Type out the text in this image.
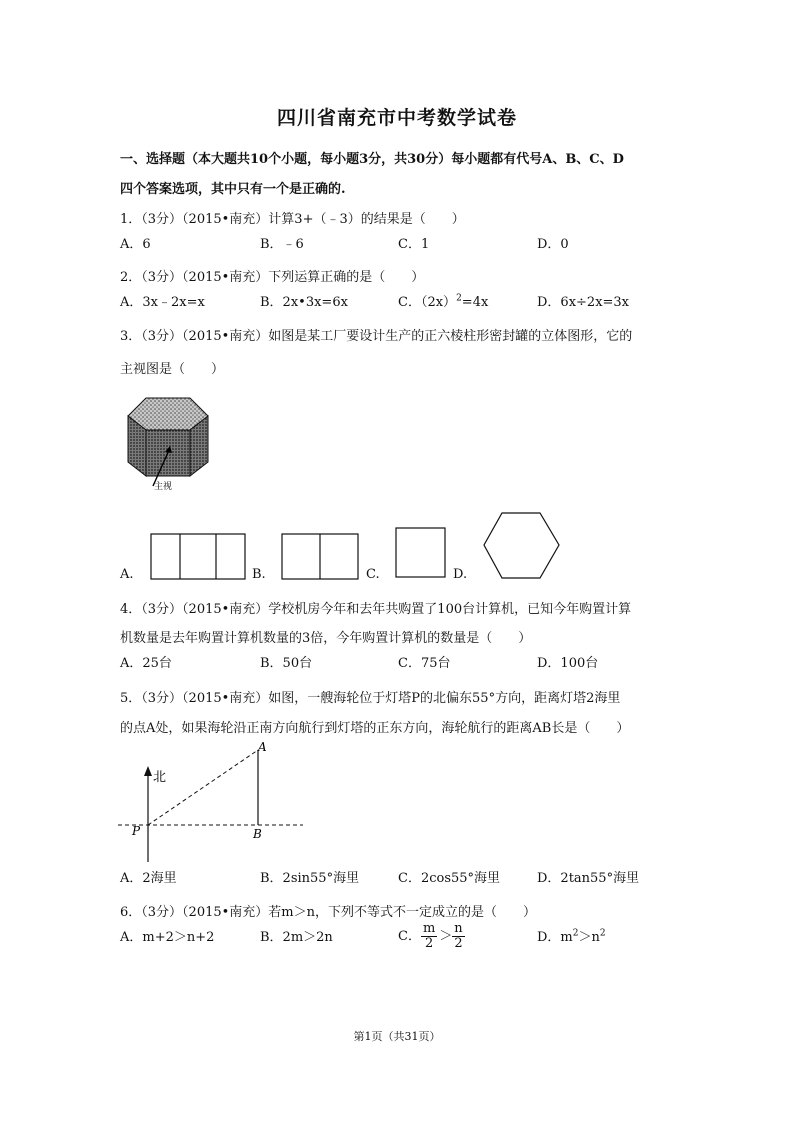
四川省南充市中考数学试卷
一、选择题（本大题共10个小题，每小题3分，共30分）每小题都有代号A、B、C、D
四个答案选项，其中只有一个是正确的.
1．（3分）（2015•南充）计算3+（﹣3）的结果是（　　）
A．6	B．﹣6	C．1	D．0
2．（3分）（2015•南充）下列运算正确的是（　　）
A．3x﹣2x=x	B．2x•3x=6x	C．$(2x)^2=4x$	D．6x÷2x=3x
3．（3分）（2015•南充）如图是某工厂要设计生产的正六棱柱形密封罐的立体图形，它的
主视图是（　　）
主视
A.	B.	C.	D.
4．（3分）（2015•南充）学校机房今年和去年共购置了100台计算机，已知今年购置计算
机数量是去年购置计算机数量的3倍，今年购置计算机的数量是（　　）
A．25台	B．50台	C．75台	D．100台
5．（3分）（2015•南充）如图，一艘海轮位于灯塔P的北偏东55°方向，距离灯塔2海里
的点A处，如果海轮沿正南方向航行到灯塔的正东方向，海轮航行的距离AB长是（　　）
北
P
A
B
A．2海里	B．2sin55°海里	C．2cos55°海里	D．2tan55°海里
6．（3分）（2015•南充）若m＞n，下列不等式不一定成立的是（　　）
A．m+2＞n+2	B．2m＞2n	C． $\frac{m}{2} > \frac{n}{2}$	D．$m^2>n^2$
第1页（共31页）
